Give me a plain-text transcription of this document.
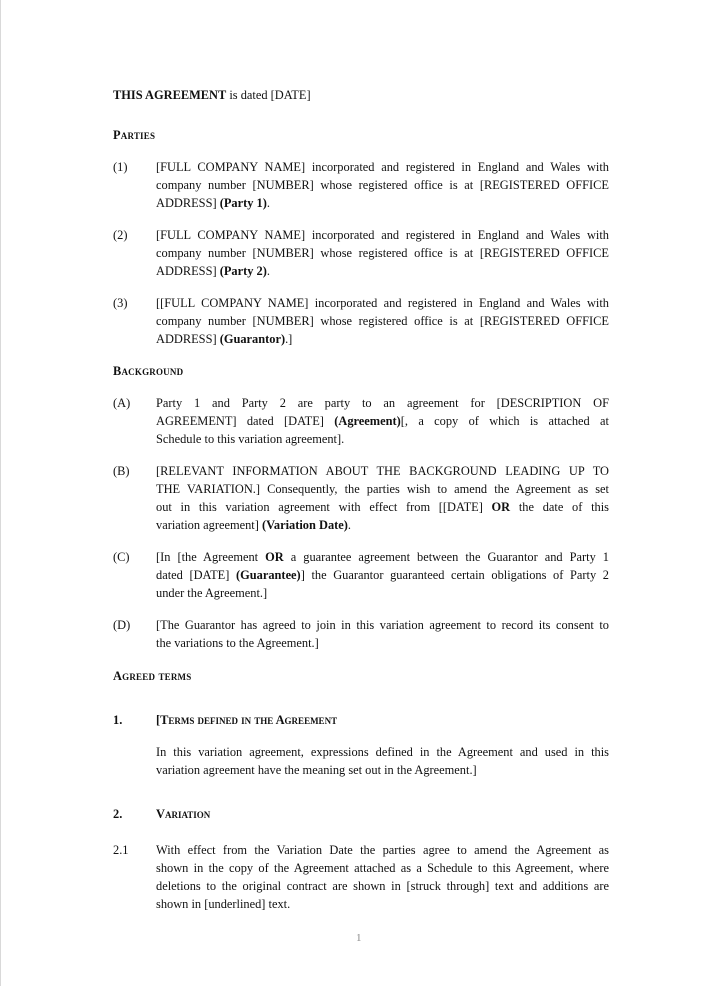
THIS AGREEMENT is dated [DATE]
Parties
(1) [FULL COMPANY NAME] incorporated and registered in England and Wales with
company number [NUMBER] whose registered office is at [REGISTERED OFFICE
ADDRESS] (Party 1).
(2) [FULL COMPANY NAME] incorporated and registered in England and Wales with
company number [NUMBER] whose registered office is at [REGISTERED OFFICE
ADDRESS] (Party 2).
(3) [[FULL COMPANY NAME] incorporated and registered in England and Wales with
company number [NUMBER] whose registered office is at [REGISTERED OFFICE
ADDRESS] (Guarantor).]
Background
(A) Party 1 and Party 2 are party to an agreement for [DESCRIPTION OF
AGREEMENT] dated [DATE] (Agreement)[, a copy of which is attached at
Schedule to this variation agreement].
(B) [RELEVANT INFORMATION ABOUT THE BACKGROUND LEADING UP TO
THE VARIATION.] Consequently, the parties wish to amend the Agreement as set
out in this variation agreement with effect from [[DATE] OR the date of this
variation agreement] (Variation Date).
(C) [In [the Agreement OR a guarantee agreement between the Guarantor and Party 1
dated [DATE] (Guarantee)] the Guarantor guaranteed certain obligations of Party 2
under the Agreement.]
(D) [The Guarantor has agreed to join in this variation agreement to record its consent to
the variations to the Agreement.]
Agreed terms
1.	[Terms defined in the Agreement
In this variation agreement, expressions defined in the Agreement and used in this
variation agreement have the meaning set out in the Agreement.]
2.	Variation
2.1 With effect from the Variation Date the parties agree to amend the Agreement as
shown in the copy of the Agreement attached as a Schedule to this Agreement, where
deletions to the original contract are shown in [struck through] text and additions are
shown in [underlined] text.
1
